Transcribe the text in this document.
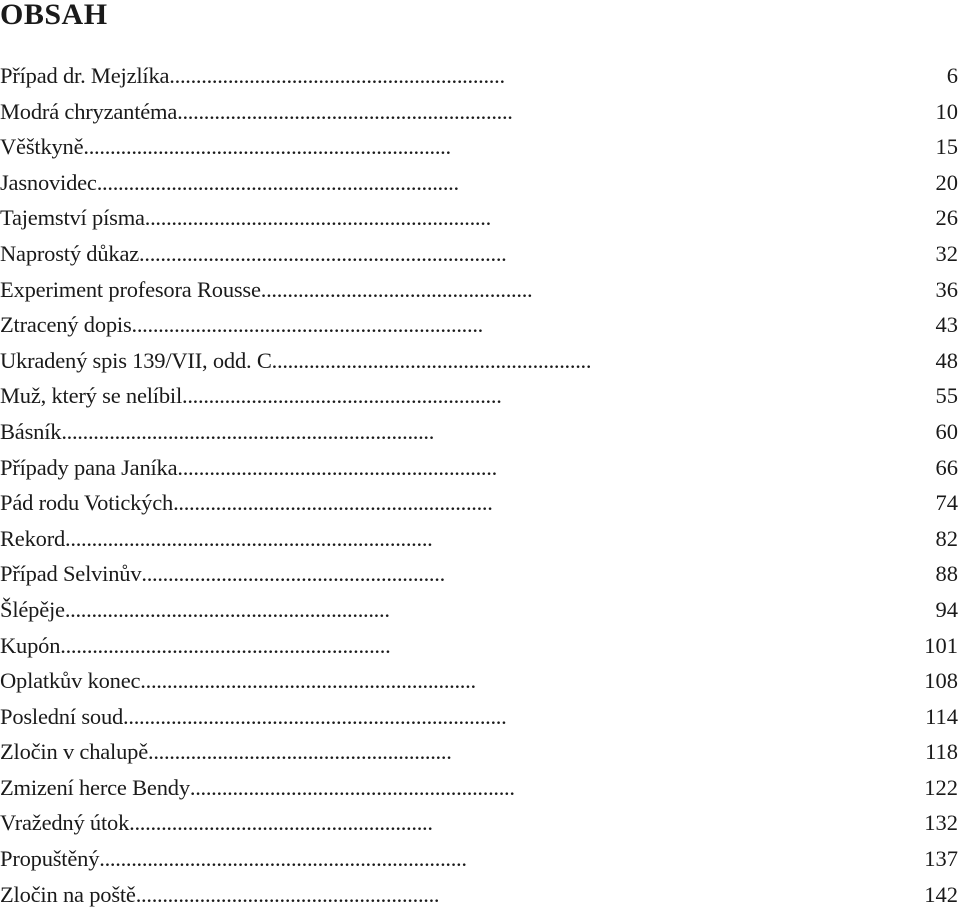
OBSAH
Případ dr. Mejzlíka...............................................................	6
Modrá chryzantéma...............................................................	10
Věštkyně.....................................................................	15
Jasnovidec....................................................................	20
Tajemství písma.................................................................	26
Naprostý důkaz.....................................................................	32
Experiment profesora Rousse...................................................	36
Ztracený dopis..................................................................	43
Ukradený spis 139/VII, odd. C............................................................	48
Muž, který se nelíbil............................................................	55
Básník......................................................................	60
Případy pana Janíka............................................................	66
Pád rodu Votických............................................................	74
Rekord.....................................................................	82
Případ Selvinův.........................................................	88
Šlépěje.............................................................	94
Kupón..............................................................	101
Oplatkův konec...............................................................	108
Poslední soud........................................................................	114
Zločin v chalupě.........................................................	118
Zmizení herce Bendy.............................................................	122
Vražedný útok.........................................................	132
Propuštěný.....................................................................	137
Zločin na poště.........................................................	142
